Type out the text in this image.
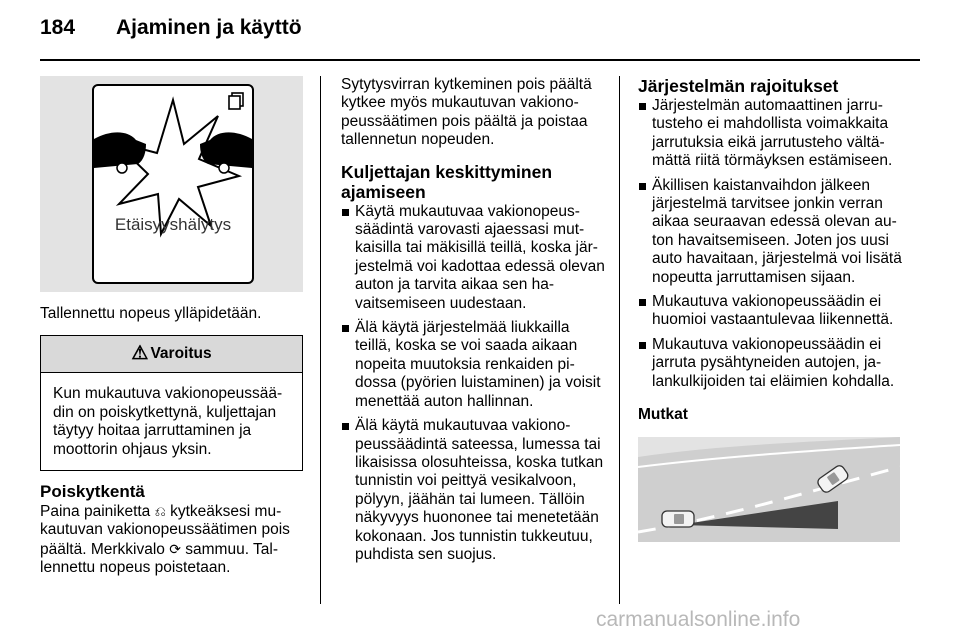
184 Ajaminen ja käyttö
Etäisyyshälytys

Tallennettu nopeus ylläpidetään.

⚠ Varoitus
Kun mukautuva vakionopeussäädin on poiskytkettynä, kuljettajan täytyy hoitaa jarruttaminen ja moottorin ohjaus yksin.

Poiskytkentä

Paina painiketta ⎌ kytkeäksesi mukautuvan vakionopeussäätimen pois päältä. Merkkivalo ⟳ sammuu. Tallennettu nopeus poistetaan.

Sytytysvirran kytkeminen pois päältä kytkee myös mukautuvan vakionopeussäätimen pois päältä ja poistaa tallennetun nopeuden.

Kuljettajan keskittyminen ajamiseen

Käytä mukautuvaa vakionopeussäädintä varovasti ajaessasi mutkaisilla tai mäkisillä teillä, koska järjestelmä voi kadottaa edessä olevan auton ja tarvita aikaa sen havaitsemiseen uudestaan.
Älä käytä järjestelmää liukkailla teillä, koska se voi saada aikaan nopeita muutoksia renkaiden pidossa (pyörien luistaminen) ja voisit menettää auton hallinnan.
Älä käytä mukautuvaa vakionopeussäädintä sateessa, lumessa tai likaisissa olosuhteissa, koska tutkan tunnistin voi peittyä vesikalvoon, pölyyn, jäähän tai lumeen. Tällöin näkyvyys huononee tai menetetään kokonaan. Jos tunnistin tukkeutuu, puhdista sen suojus.

Järjestelmän rajoitukset

Järjestelmän automaattinen jarrutusteho ei mahdollista voimakkaita jarrutuksia eikä jarrutusteho vältämättä riitä törmäyksen estämiseen.
Äkillisen kaistanvaihdon jälkeen järjestelmä tarvitsee jonkin verran aikaa seuraavan edessä olevan auton havaitsemiseen. Joten jos uusi auto havaitaan, järjestelmä voi lisätä nopeutta jarruttamisen sijaan.
Mukautuva vakionopeussäädin ei huomioi vastaantulevaa liikennettä.
Mukautuva vakionopeussäädin ei jarruta pysähtyneiden autojen, jalankulkijoiden tai eläimien kohdalla.

Mutkat

carmanualsonline.info
